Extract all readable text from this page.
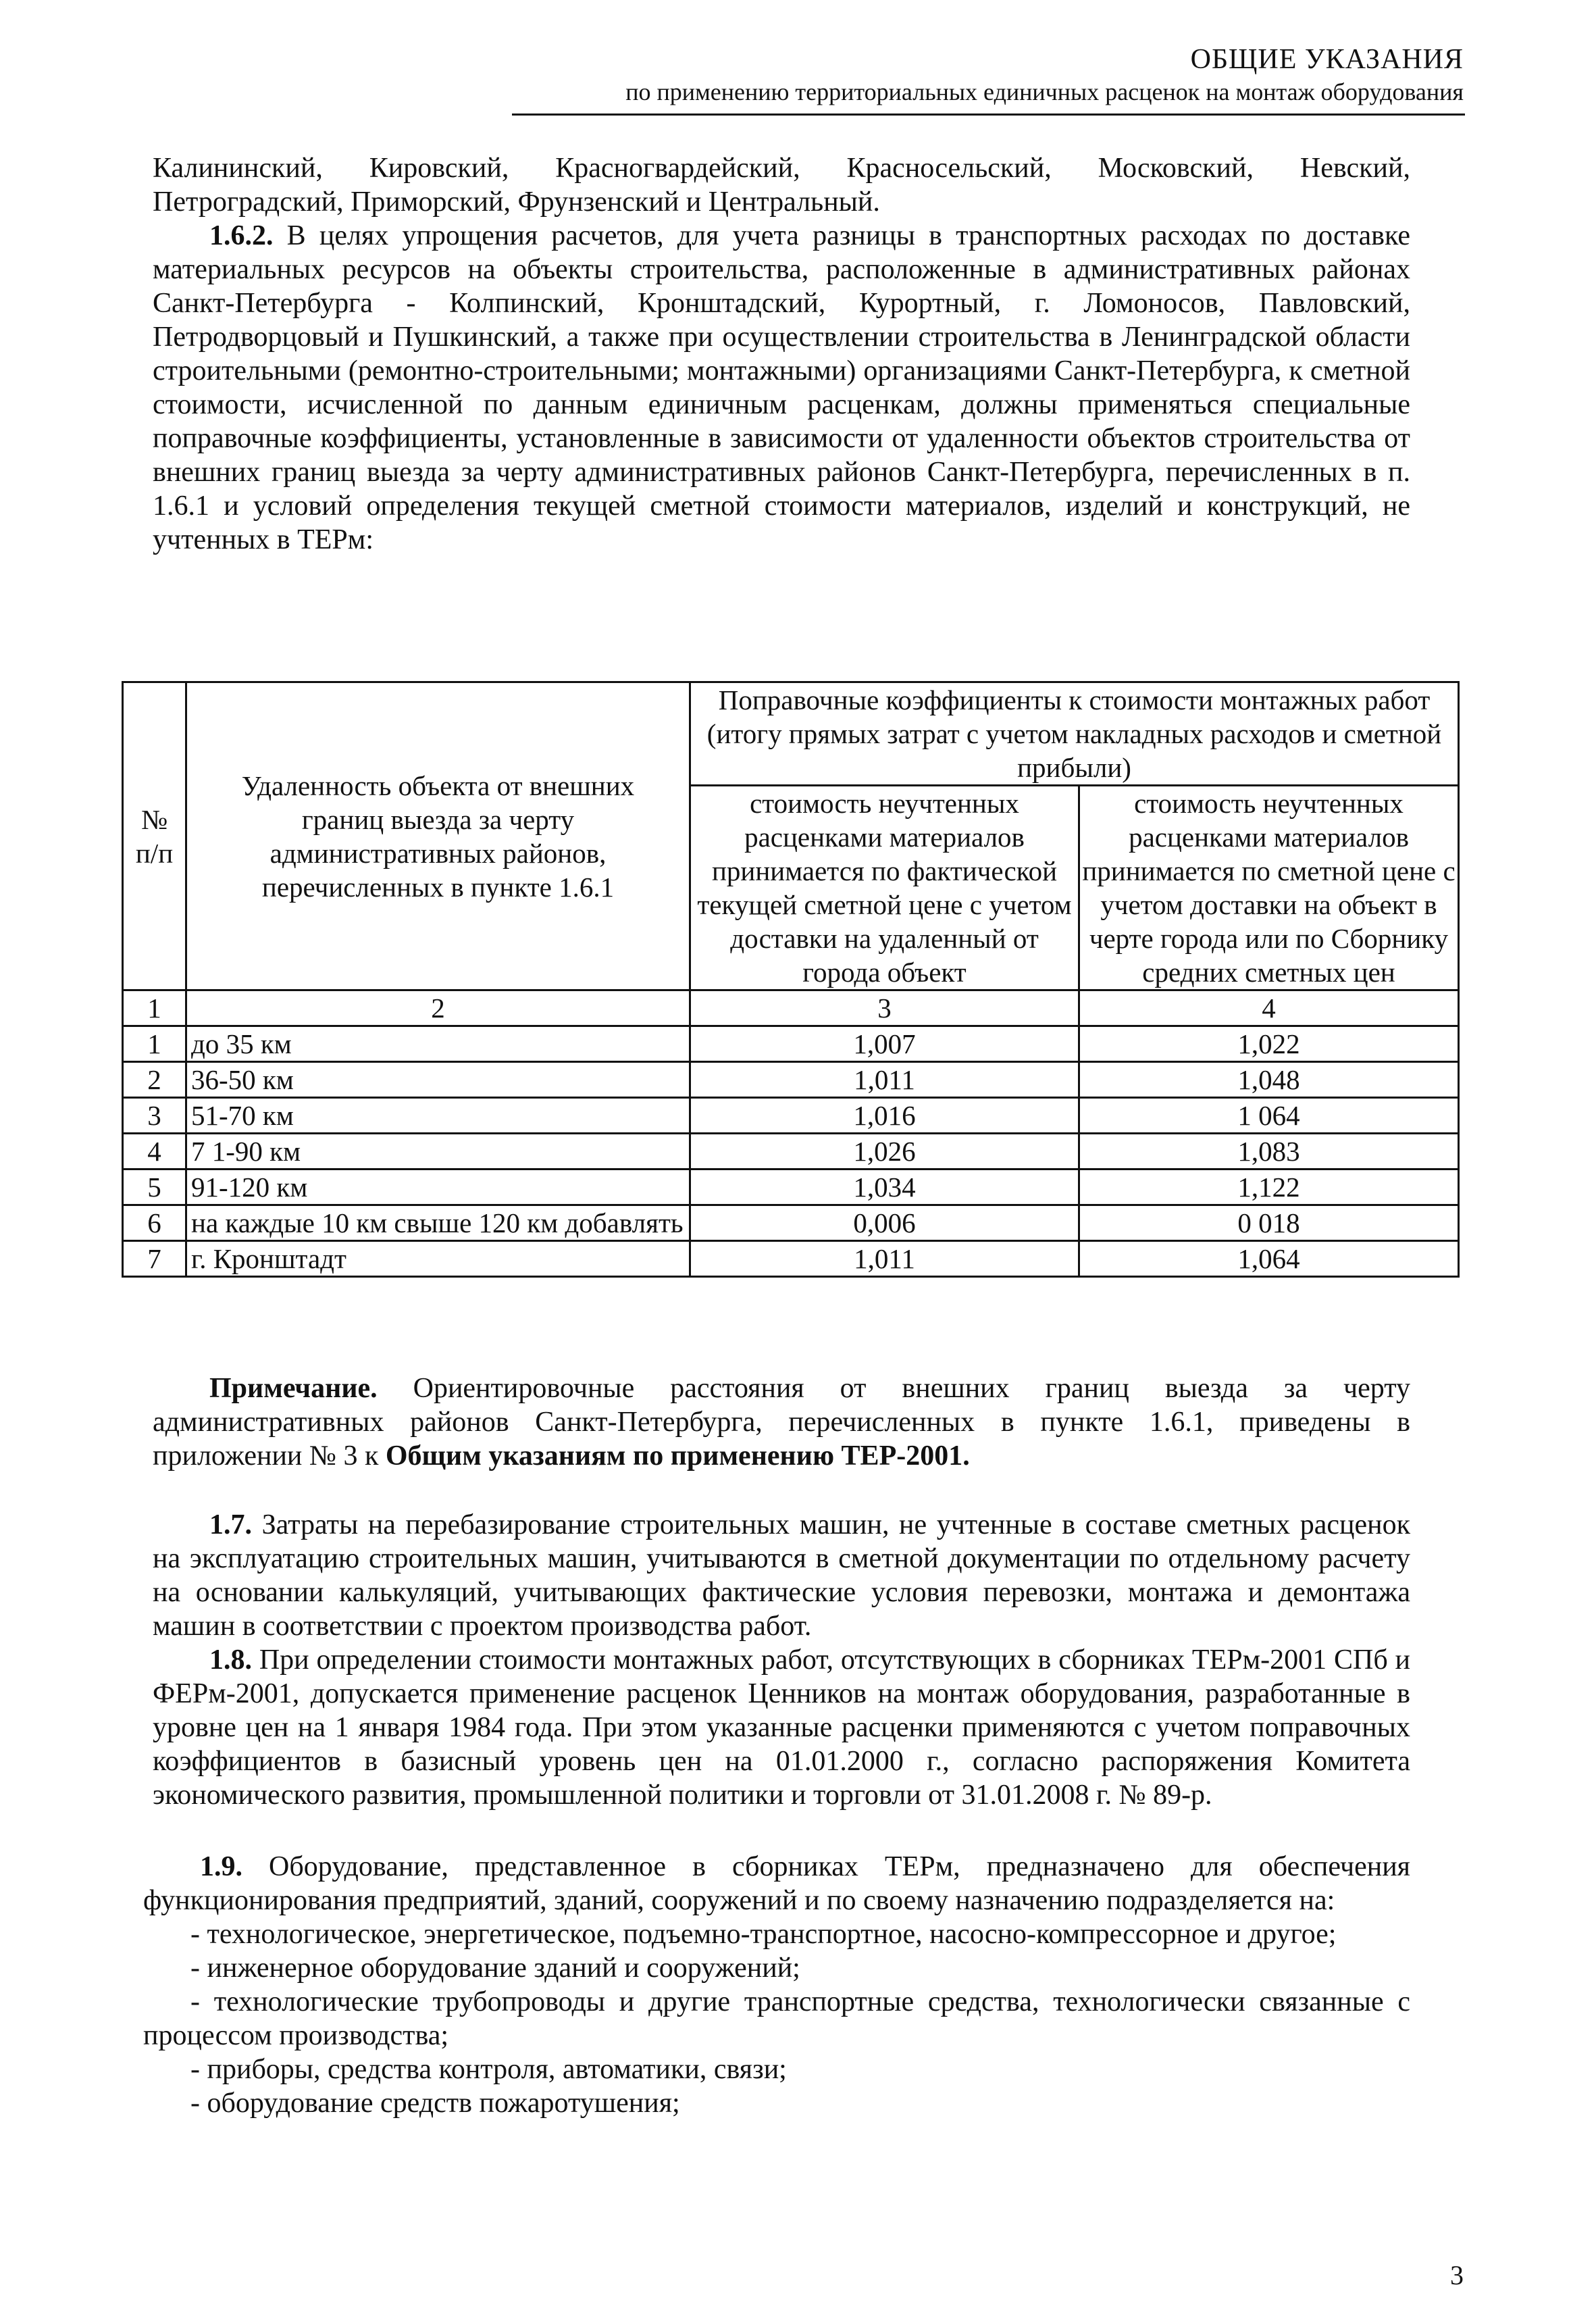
ОБЩИЕ УКАЗАНИЯ
по применению территориальных единичных расценок на монтаж оборудования

Калининский, Кировский, Красногвардейский, Красносельский, Московский, Невский, Петроградский, Приморский, Фрунзенский и Центральный.

1.6.2. В целях упрощения расчетов, для учета разницы в транспортных расходах по доставке материальных ресурсов на объекты строительства, расположенные в административных районах Санкт-Петербурга - Колпинский, Кронштадский, Курортный, г. Ломоносов, Павловский, Петродворцовый и Пушкинский, а также при осуществлении строительства в Ленинградской области строительными (ремонтно-строительными; монтажными) организациями Санкт-Петербурга, к сметной стоимости, исчисленной по данным единичным расценкам, должны применяться специальные поправочные коэффициенты, установленные в зависимости от удаленности объектов строительства от внешних границ выезда за черту административных районов Санкт-Петербурга, перечисленных в п. 1.6.1 и условий определения текущей сметной стоимости материалов, изделий и конструкций, не учтенных в ТЕРм:

№ п/п	Удаленность объекта от внешних границ выезда за черту административных районов, перечисленных в пункте 1.6.1	Поправочные коэффициенты к стоимости монтажных работ (итогу прямых затрат с учетом накладных расходов и сметной прибыли)	
		стоимость неучтенных расценками материалов принимается по фактической текущей сметной цене с учетом доставки на удаленный от города объект	стоимость неучтенных расценками материалов принимается по сметной цене с учетом доставки на объект в черте города или по Сборнику средних сметных цен
1	2	3	4
1	до 35 км	1,007	1,022
2	36-50 км	1,011	1,048
3	51-70 км	1,016	1 064
4	7 1-90 км	1,026	1,083
5	91-120 км	1,034	1,122
6	на каждые 10 км свыше 120 км добавлять	0,006	0 018
7	г. Кронштадт	1,011	1,064

Примечание. Ориентировочные расстояния от внешних границ выезда за черту административных районов Санкт-Петербурга, перечисленных в пункте 1.6.1, приведены в приложении № 3 к Общим указаниям по применению ТЕР-2001.

1.7. Затраты на перебазирование строительных машин, не учтенные в составе сметных расценок на эксплуатацию строительных машин, учитываются в сметной документации по отдельному расчету на основании калькуляций, учитывающих фактические условия перевозки, монтажа и демонтажа машин в соответствии с проектом производства работ.

1.8. При определении стоимости монтажных работ, отсутствующих в сборниках ТЕРм-2001 СПб и ФЕРм-2001, допускается применение расценок Ценников на монтаж оборудования, разработанные в уровне цен на 1 января 1984 года. При этом указанные расценки применяются с учетом поправочных коэффициентов в базисный уровень цен на 01.01.2000 г., согласно распоряжения Комитета экономического развития, промышленной политики и торговли от 31.01.2008 г. № 89-р.

1.9. Оборудование, представленное в сборниках ТЕРм, предназначено для обеспечения функционирования предприятий, зданий, сооружений и по своему назначению подразделяется на:

- технологическое, энергетическое, подъемно-транспортное, насосно-компрессорное и другое;

- инженерное оборудование зданий и сооружений;

- технологические трубопроводы и другие транспортные средства, технологически связанные с процессом производства;

- приборы, средства контроля, автоматики, связи;

- оборудование средств пожаротушения;

3
